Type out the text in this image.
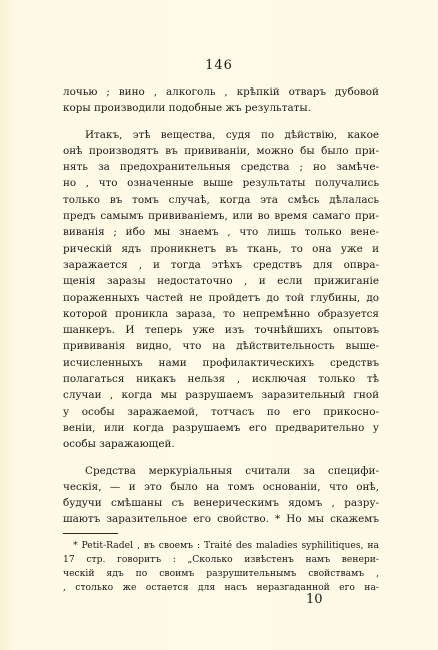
146
лочью ; вино , алкоголь , крѣпкій отваръ дубовой
коры производили подобные жъ результаты.
Итакъ, этѣ вещества, судя по дѣйствію, какое
онѣ производятъ въ прививаніи, можно бы было при-
нять за предохранительныя средства ; но замѣче-
но , что означенные выше результаты получались
только въ томъ случаѣ, когда эта смѣсь дѣлалась
предъ самымъ прививаніемъ, или во время самаго при-
виванія ; ибо мы знаемъ , что лишь только вене-
рическій ядъ проникнетъ въ ткань, то она уже и
заражается , и тогда этѣхъ средствъ для опвра-
щенія заразы недостаточно , и если прижиганіе
пораженныхъ частей не пройдетъ до той глубины, до
которой проникла зараза, то непремѣнно образуется
шанкеръ. И теперь уже изъ точнѣйшихъ опытовъ
прививанія видно, что на дѣйствительность выше-
исчисленныхъ нами профилактическихъ средствъ
полагаться никакъ нельзя , исключая только тѣ
случаи , когда мы разрушаемъ заразительный гной
у особы заражаемой, тотчасъ по его прикосно-
веніи, или когда разрушаемъ его предварительно у
особы заражающей.
Средства меркуріальныя считали за специфи-
ческія, — и это было на томъ основаніи, что онѣ,
будучи смѣшаны съ венерическимъ ядомъ , разру-
шаютъ заразительное его свойство. * Но мы скажемъ
* Petit-Radel , въ своемъ : Traité des maladies syphilitiques, на
17 стр. говоритъ : „Сколько извѣстенъ намъ венери-
ческій ядъ по своимъ разрушительнымъ свойствамъ ,
, столько же остается для насъ неразгаданной его на-
10
